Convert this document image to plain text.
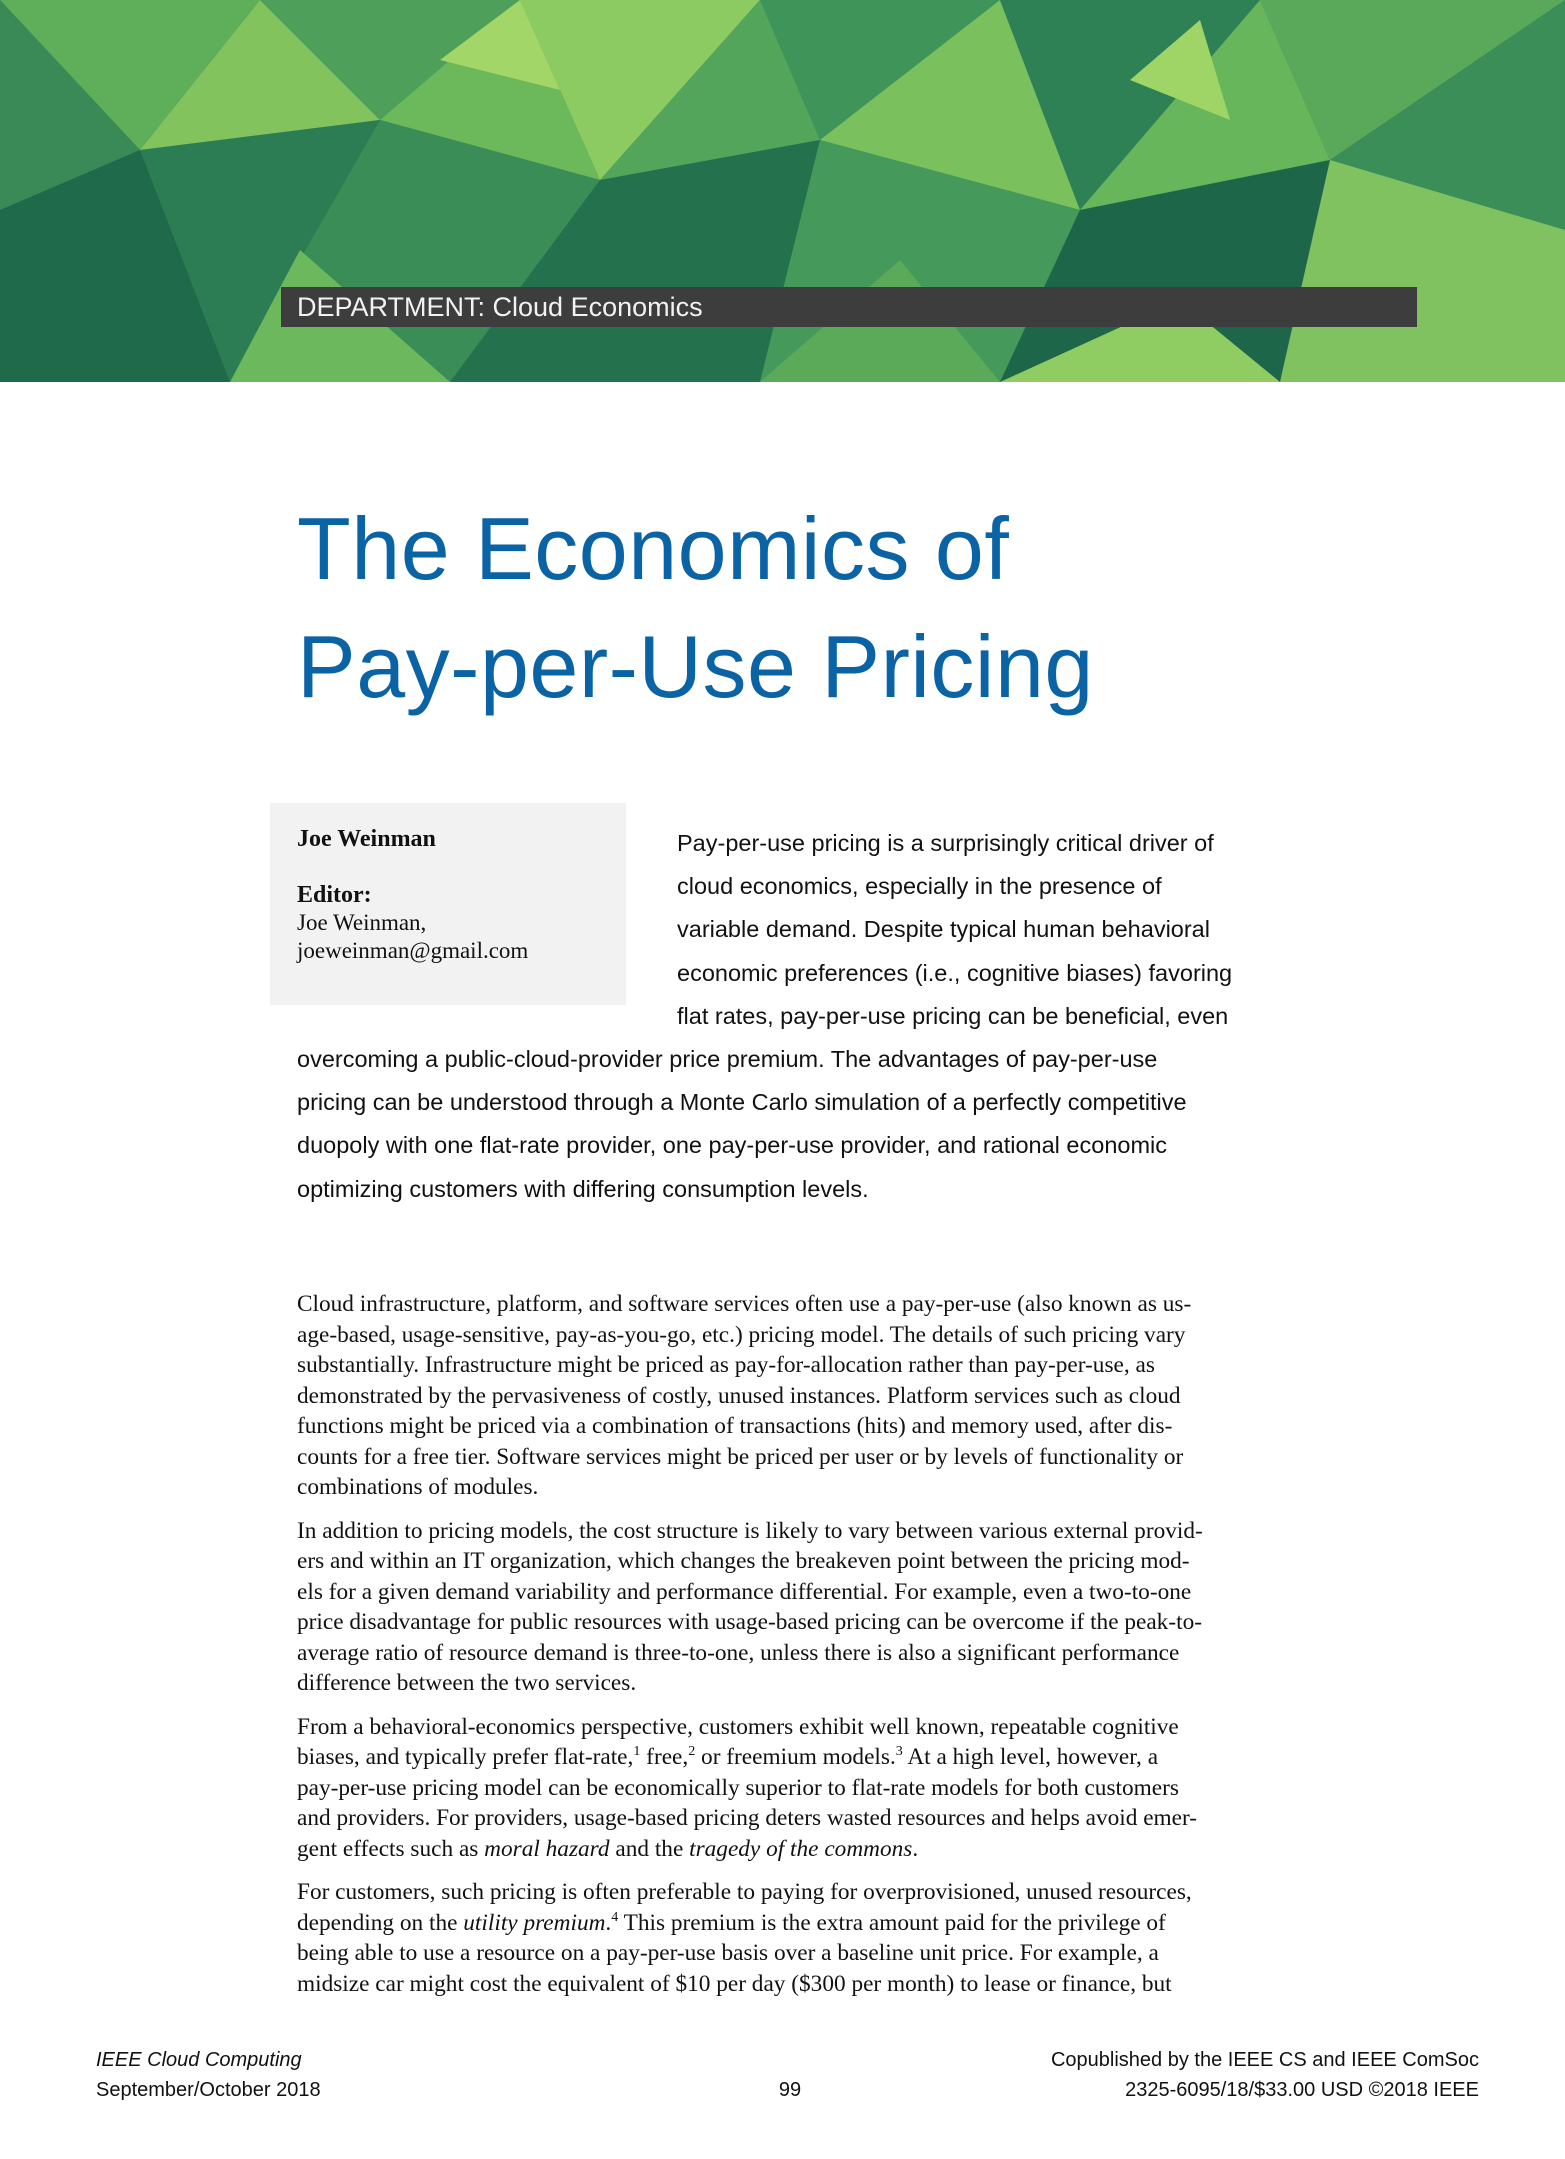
DEPARTMENT: Cloud Economics
The Economics of
Pay-per-Use Pricing
Joe Weinman
Editor:
Joe Weinman,
joeweinman@gmail.com
Pay-per-use pricing is a surprisingly critical driver of
cloud economics, especially in the presence of
variable demand. Despite typical human behavioral
economic preferences (i.e., cognitive biases) favoring
flat rates, pay-per-use pricing can be beneficial, even
overcoming a public-cloud-provider price premium. The advantages of pay-per-use
pricing can be understood through a Monte Carlo simulation of a perfectly competitive
duopoly with one flat-rate provider, one pay-per-use provider, and rational economic
optimizing customers with differing consumption levels.
Cloud infrastructure, platform, and software services often use a pay-per-use (also known as us-
age-based, usage-sensitive, pay-as-you-go, etc.) pricing model. The details of such pricing vary
substantially. Infrastructure might be priced as pay-for-allocation rather than pay-per-use, as
demonstrated by the pervasiveness of costly, unused instances. Platform services such as cloud
functions might be priced via a combination of transactions (hits) and memory used, after dis-
counts for a free tier. Software services might be priced per user or by levels of functionality or
combinations of modules.
In addition to pricing models, the cost structure is likely to vary between various external provid-
ers and within an IT organization, which changes the breakeven point between the pricing mod-
els for a given demand variability and performance differential. For example, even a two-to-one
price disadvantage for public resources with usage-based pricing can be overcome if the peak-to-
average ratio of resource demand is three-to-one, unless there is also a significant performance
difference between the two services.
From a behavioral-economics perspective, customers exhibit well known, repeatable cognitive
biases, and typically prefer flat-rate,$^1$ free,$^2$ or freemium models.$^3$ At a high level, however, a
pay-per-use pricing model can be economically superior to flat-rate models for both customers
and providers. For providers, usage-based pricing deters wasted resources and helps avoid emer-
gent effects such as moral hazard and the tragedy of the commons.
For customers, such pricing is often preferable to paying for overprovisioned, unused resources,
depending on the utility premium.$^4$ This premium is the extra amount paid for the privilege of
being able to use a resource on a pay-per-use basis over a baseline unit price. For example, a
midsize car might cost the equivalent of $10 per day ($300 per month) to lease or finance, but
IEEE Cloud Computing
September/October 2018	99
Copublished by the IEEE CS and IEEE ComSoc
2325-6095/18/$33.00 USD ©2018 IEEE
